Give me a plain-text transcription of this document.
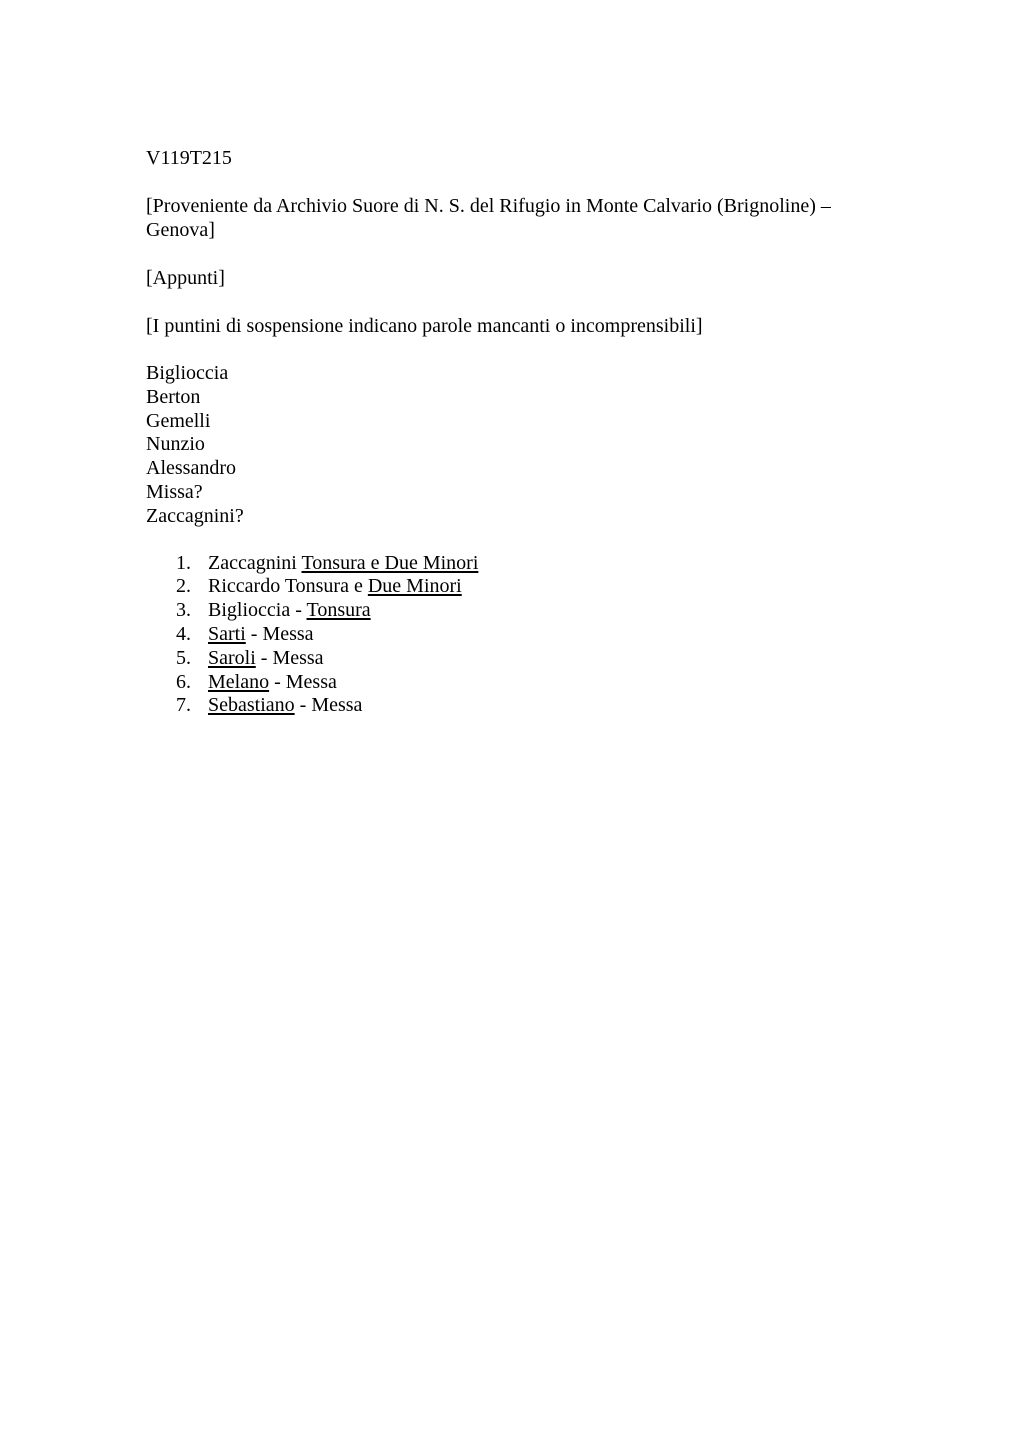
V119T215

[Proveniente da Archivio Suore di N. S. del Rifugio in Monte Calvario (Brignoline) – Genova]

[Appunti]

[I puntini di sospensione indicano parole mancanti o incomprensibili]

Biglioccia
Berton
Gemelli
Nunzio
Alessandro
Missa?
Zaccagnini?
1. Zaccagnini Tonsura e Due Minori
2. Riccardo Tonsura e Due Minori
3. Biglioccia - Tonsura
4. Sarti - Messa
5. Saroli - Messa
6. Melano - Messa
7. Sebastiano - Messa
